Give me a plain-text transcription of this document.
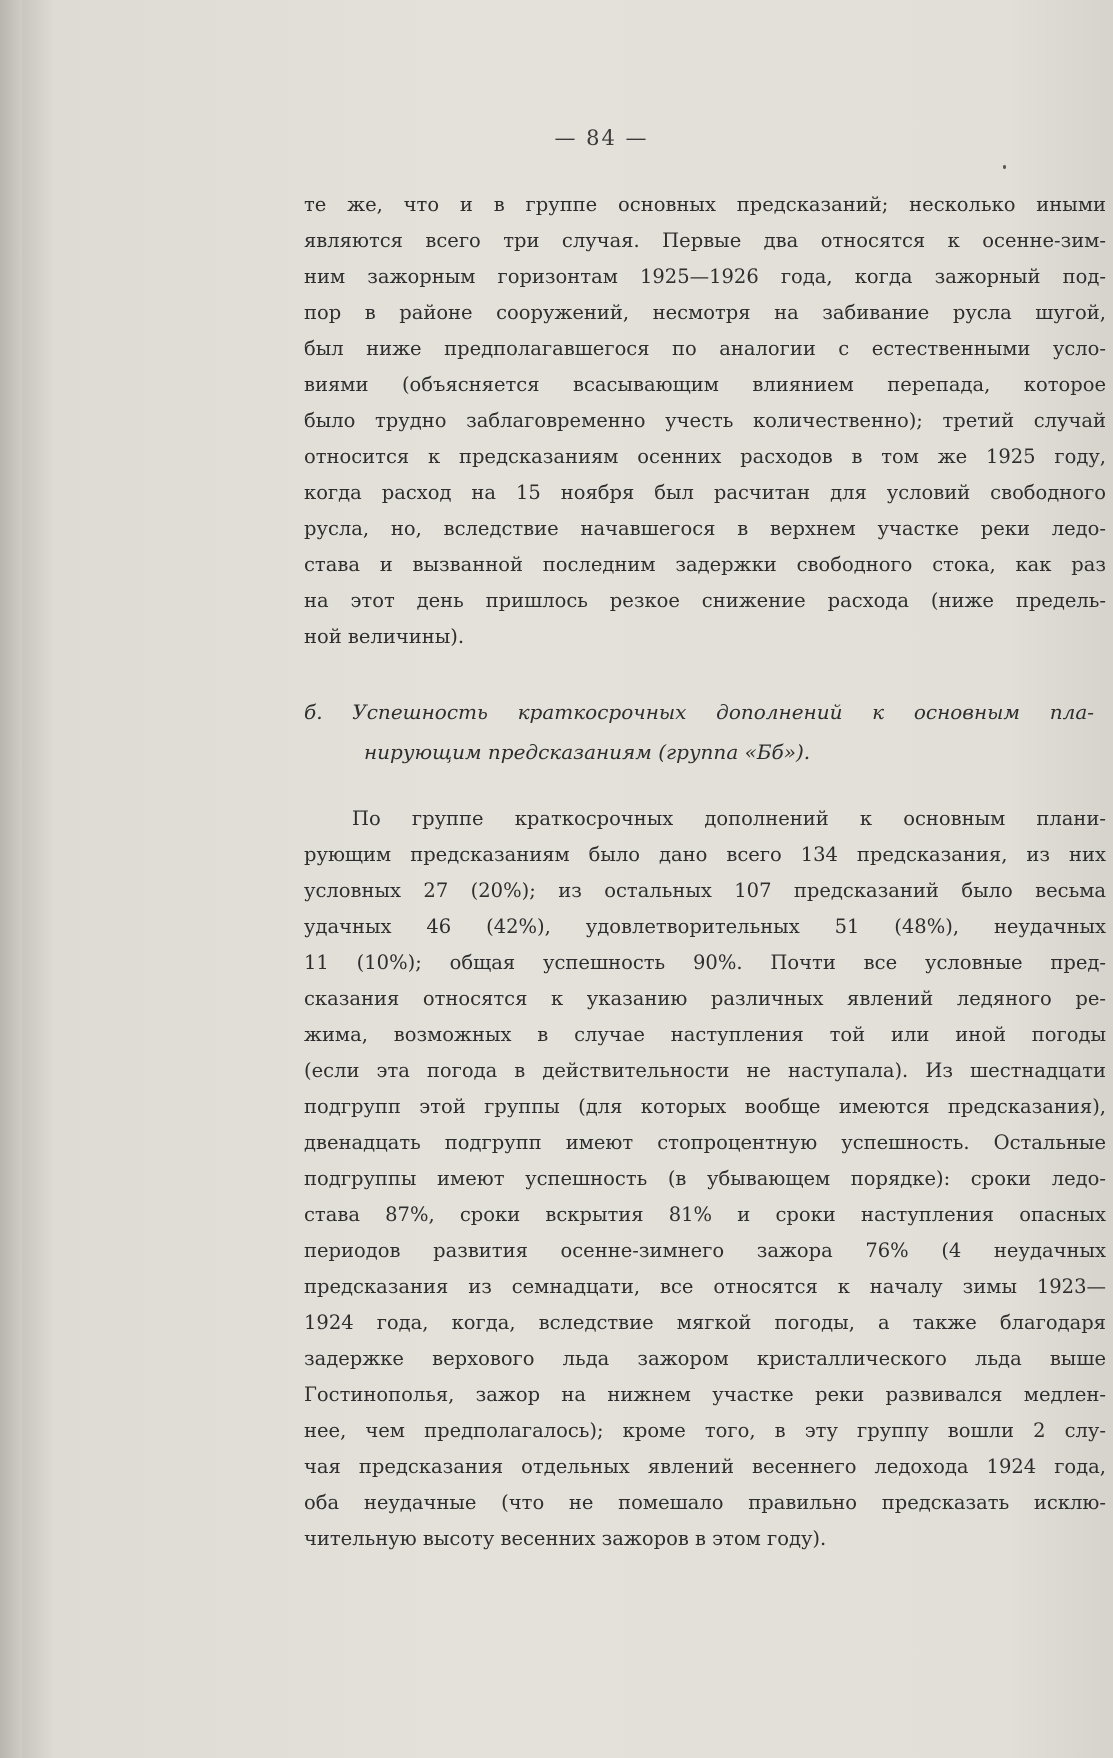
— 84 —
те же, что и в группе основных предсказаний; несколько иными
являются всего три случая. Первые два относятся к осенне-зим-
ним зажорным горизонтам 1925—1926 года, когда зажорный под-
пор в районе сооружений, несмотря на забивание русла шугой,
был ниже предполагавшегося по аналогии с естественными усло-
виями (объясняется всасывающим влиянием перепада, которое
было трудно заблаговременно учесть количественно); третий случай
относится к предсказаниям осенних расходов в том же 1925 году,
когда расход на 15 ноября был расчитан для условий свободного
русла, но, вследствие начавшегося в верхнем участке реки ледо-
става и вызванной последним задержки свободного стока, как раз
на этот день пришлось резкое снижение расхода (ниже предель-
ной величины).
б. Успешность краткосрочных дополнений к основным пла-
нирующим предсказаниям (группа «Бб»).
По группе краткосрочных дополнений к основным плани-
рующим предсказаниям было дано всего 134 предсказания, из них
условных 27 (20%); из остальных 107 предсказаний было весьма
удачных 46 (42%), удовлетворительных 51 (48%), неудачных
11 (10%); общая успешность 90%. Почти все условные пред-
сказания относятся к указанию различных явлений ледяного ре-
жима, возможных в случае наступления той или иной погоды
(если эта погода в действительности не наступала). Из шестнадцати
подгрупп этой группы (для которых вообще имеются предсказания),
двенадцать подгрупп имеют стопроцентную успешность. Остальные
подгруппы имеют успешность (в убывающем порядке): сроки ледо-
става 87%, сроки вскрытия 81% и сроки наступления опасных
периодов развития осенне-зимнего зажора 76% (4 неудачных
предсказания из семнадцати, все относятся к началу зимы 1923—
1924 года, когда, вследствие мягкой погоды, а также благодаря
задержке верхового льда зажором кристаллического льда выше
Гостинополья, зажор на нижнем участке реки развивался медлен-
нее, чем предполагалось); кроме того, в эту группу вошли 2 слу-
чая предсказания отдельных явлений весеннего ледохода 1924 года,
оба неудачные (что не помешало правильно предсказать исклю-
чительную высоту весенних зажоров в этом году).
